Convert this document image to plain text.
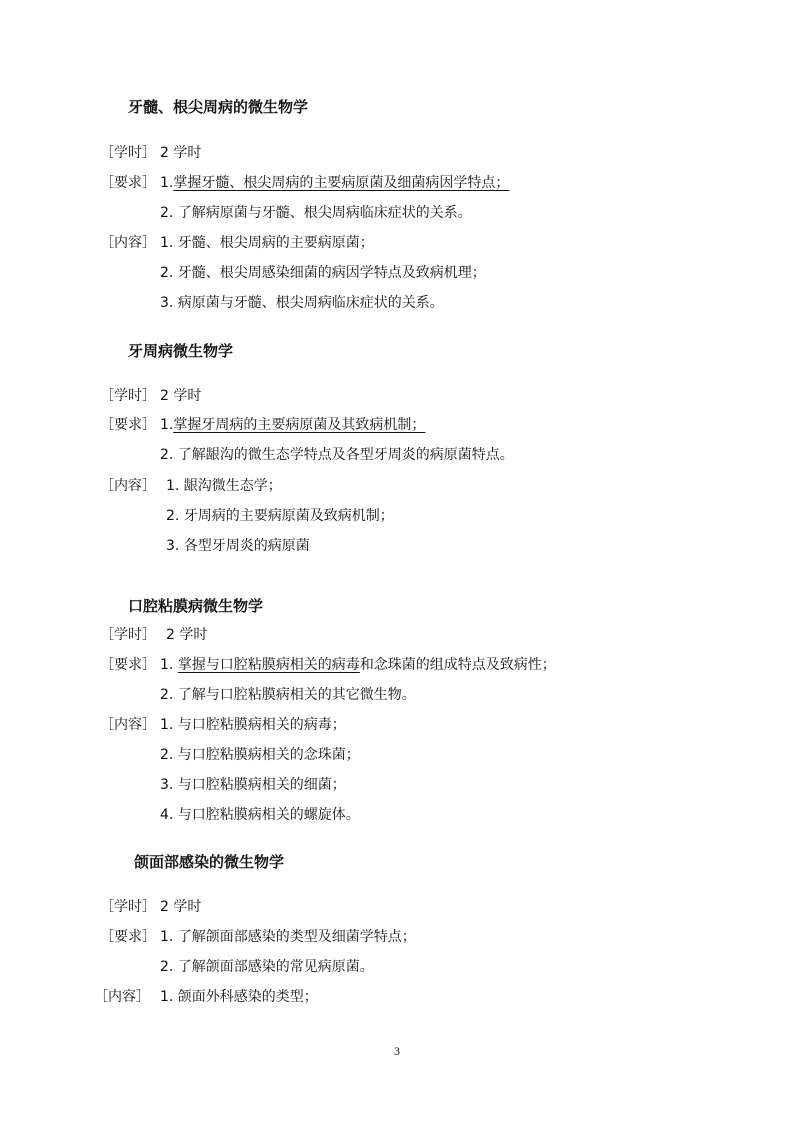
牙髓、根尖周病的微生物学
［学时］ 2 学时
［要求］ 1.掌握牙髓、根尖周病的主要病原菌及细菌病因学特点；
2. 了解病原菌与牙髓、根尖周病临床症状的关系。
［内容］ 1. 牙髓、根尖周病的主要病原菌；
2. 牙髓、根尖周感染细菌的病因学特点及致病机理；
3. 病原菌与牙髓、根尖周病临床症状的关系。
牙周病微生物学
［学时］ 2 学时
［要求］ 1.掌握牙周病的主要病原菌及其致病机制；
2. 了解龈沟的微生态学特点及各型牙周炎的病原菌特点。
［内容］ 1. 龈沟微生态学；
2. 牙周病的主要病原菌及致病机制；
3. 各型牙周炎的病原菌
口腔粘膜病微生物学
［学时］ 2 学时
［要求］ 1. 掌握与口腔粘膜病相关的病毒和念珠菌的组成特点及致病性；
2. 了解与口腔粘膜病相关的其它微生物。
［内容］ 1. 与口腔粘膜病相关的病毒；
2. 与口腔粘膜病相关的念珠菌；
3. 与口腔粘膜病相关的细菌；
4. 与口腔粘膜病相关的螺旋体。
颌面部感染的微生物学
［学时］ 2 学时
［要求］ 1. 了解颌面部感染的类型及细菌学特点；
2. 了解颌面部感染的常见病原菌。
［内容］ 1. 颌面外科感染的类型；
3
